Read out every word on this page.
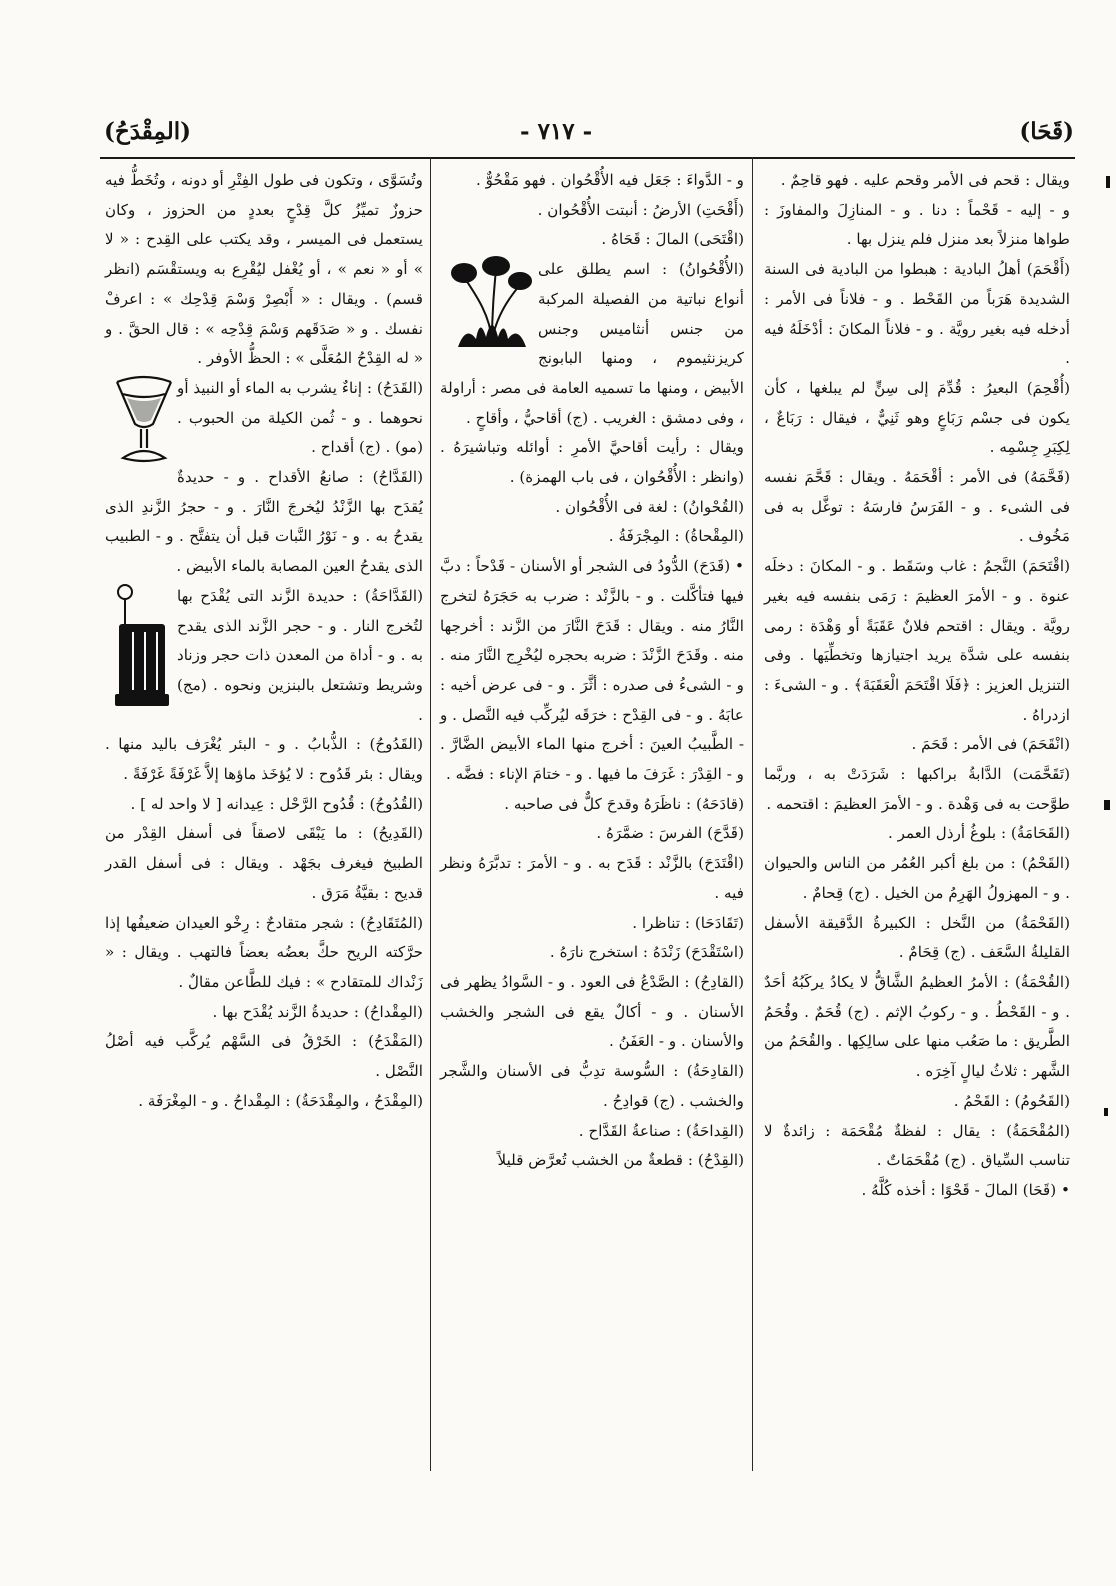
(قَحَا)
- ٧١٧ -
(المِقْدَحُ)

ويقال : قحم فى الأمر وقحم عليه . فهو قاحِمٌ .

و - إليه - قَحْماً : دنا . و - المنازِلَ والمفاوزَ : طواها منزلاً بعد منزل فلم ينزل بها .

(أَقْحَمَ) أهلُ البادية : هبطوا من البادية فى السنة الشديدة هَرَباً من القَحْط . و - فلاناً فى الأمر : أدخله فيه بغير رويَّة . و - فلاناً المكانَ : أدْخَلَهُ فيه .

(أُقْحِمَ) البعيرُ : قُدِّمَ إلى سِنٍّ لم يبلغها ، كأن يكون فى جسْم رَبَاعٍ وهو ثَنِيٌّ ، فيقال : رَبَاعٌ ، لِكِبَرِ جِسْمِه .

(قَحَّمَهُ) فى الأمر : أقْحَمَهُ . ويقال : قَحَّمَ نفسه فى الشىء . و - الفَرَسُ فارسَهُ : توغَّل به فى مَخُوف .

(اقْتَحَمَ) النَّجمُ : غاب وسَقَط . و - المكانَ : دخلَه عنوة . و - الأمرَ العظيمَ : رَمَى بنفسه فيه بغير رويَّة . ويقال : اقتحم فلانٌ عَقَبَةً أو وَهْدَة : رمى بنفسه على شدَّة يريد اجتيازها وتخطِّيَها . وفى التنزيل العزيز : ﴿فَلَا اقْتَحَمَ الْعَقَبَةَ﴾ . و - الشىءَ : ازدراهُ .

(انْقَحَمَ) فى الأمر : قَحَمَ .

(تَقَحَّمَت) الدَّابةُ براكبها : شَرَدَتْ به ، وربَّما طوَّحت به فى وَهْدة . و - الأمرَ العظيمَ : اقتحمه .

(القَحَامَةُ) : بلوغُ أرذل العمر .

(القَحْمُ) : من بلغ أكبر العُمُر من الناس والحيوان . و - المهزولُ الهَرِمُ من الخيل . (ج) قِحامٌ .

(القَحْمَةُ) من النَّخل : الكبيرةُ الدَّقيقة الأسفل القليلةُ السَّعَف . (ج) قِحَامٌ .

(القُحْمَةُ) : الأمرُ العظيمُ الشَّاقُّ لا يكادُ يركَبُهُ أحَدٌ . و - القَحْطُ . و - ركوبُ الإثم . (ج) قُحَمٌ . وقُحَمُ الطَّريق : ما صَعُب منها على سالِكِها . والقُحَمُ من الشَّهر : ثلاثُ ليالٍ آخِرَه .

(القَحُومُ) : القَحْمُ .

(المُقْحَمَةُ) : يقال : لفظةٌ مُقْحَمَة : زائدةٌ لا تناسب السِّياق . (ج) مُقْحَمَاتٌ .

• (قَحَا) المالَ - قَحْوًا : أخذه كُلَّهُ .

و - الدَّواءَ : جَعَل فيه الأُقْحُوان . فهو مَقْحُوٌّ .

(أَقْحَتِ) الأرضُ : أنبتت الأُقْحُوان .

(اقْتَحَى) المالَ : قَحَاهُ .

(الأُقْحُوانُ) : اسم يطلق على أنواع نباتية من الفصيلة المركبة من جنس أنثاميس وجنس كريزنثيموم ، ومنها البابونج الأبيض ، ومنها ما تسميه العامة فى مصر : أراولة ، وفى دمشق : الغريب . (ج) أقاحيُّ ، وأقاحٍ .

ويقال : رأيت أقاحيَّ الأمرِ : أوائله وتباشيرَهُ . (وانظر : الأُقْحُوان ، فى باب الهمزة) .

(القُحْوانُ) : لغة فى الأُقْحُوان .

(المِقْحاةُ) : المِجْرَفَةُ .

• (قَدَحَ) الدُّودُ فى الشجر أو الأسنان - قَدْحاً : دبَّ فيها فتأكَّلت . و - بالزَّنْد : ضرب به حَجَرَهُ لتخرج النَّارُ منه . ويقال : قَدَحَ النَّارَ من الزَّند : أخرجها منه . وقَدَحَ الزَّنْدَ : ضربه بحجره ليُخْرِج النَّارَ منه . و - الشىءُ فى صدره : أثَّرَ . و - فى عرض أخيه : عابَهُ . و - فى القِدْح : خرَقَه ليُركِّب فيه النَّصل . و - الطَّبيبُ العينَ : أخرج منها الماء الأبيض الضَّارَّ . و - القِدْرَ : غَرَفَ ما فيها . و - ختامَ الإناء : فضَّه .

(قادَحَهُ) : ناظَرَهُ وقدحَ كلٌّ فى صاحبه .

(قَدَّحَ) الفرسَ : ضمَّرَهُ .

(اقْتَدَحَ) بالزَّنْد : قَدَح به . و - الأمرَ : تدبَّرَهُ ونظر فيه .

(تَقَادَحَا) : تناظرا .

(اسْتَقْدَحَ) زَنْدَهُ : استخرج نارَهُ .

(القادِحُ) : الصَّدْعُ فى العود . و - السَّوادُ يظهر فى الأسنان . و - أكالٌ يقع فى الشجر والخشب والأسنان . و - العَفَنُ .

(القادِحَةُ) : السُّوسة تدِبُّ فى الأسنان والشَّجر والخشب . (ج) قوادِحُ .

(القِداحَةُ) : صناعةُ القَدَّاح .

(القِدْحُ) : قطعةٌ من الخشب تُعرَّض قليلاً

وتُسَوَّى ، وتكون فى طول الفِتْرِ أو دونه ، وتُخَطُّ فيه حزوزٌ تميِّزُ كلَّ قِدْحٍ بعددٍ من الحزوز ، وكان يستعمل فى الميسر ، وقد يكتب على القِدح : « لا » أو « نعم » ، أو يُغْفل ليُقْرِع به ويستقْسَم (انظر قسم) . ويقال : « أَبْصِرْ وَسْمَ قِدْحِك » : اعرفْ نفسك . و « صَدَقَهم وَسْمَ قِدْحِه » : قال الحقَّ . و « له القِدْحُ المُعَلَّى » : الحظُّ الأوفر .

(القَدَحُ) : إناءٌ يشرب به الماء أو النبيذ أو نحوهما . و - ثُمن الكيلة من الحبوب . (مو) . (ج) أقداح .

(القَدَّاحُ) : صانعُ الأقداح . و - حديدةٌ يُقدَح بها الزَّنْدُ ليُخرجَ النَّارَ . و - حجرُ الزَّندِ الذى يقدحُ به . و - نَوْرُ النَّبات قبل أن يتفتَّح . و - الطبيب الذى يقدحُ العين المصابة بالماء الأبيض .

(القَدَّاحَةُ) : حديدة الزَّند التى يُقْدَح بها لتُخرج النار . و - حجر الزَّند الذى يقدح به . و - أداة من المعدن ذات حجر وزناد وشريط وتشتعل بالبنزين ونحوه . (مج) .

(القَدُوحُ) : الذُّبابُ . و - البئر يُغْرَف باليد منها . ويقال : بئر قَدُوح : لا يُؤخَذ ماؤها إلاَّ غَرْفَةً غَرْفَةً .

(القُدُوحُ) : قُدُوح الرَّحْل : عِيدانه [ لا واحد له ] .

(القَدِيحُ) : ما يَبْقَى لاصقاً فى أسفل القِدْر من الطبيخ فيغرف بجَهْد . ويقال : فى أسفل القدر قديح : بقيَّةُ مَرَق .

(المُتَقَادِحُ) : شجر متقادحٌ : رِخْو العيدان ضعيفُها إذا حرَّكته الريح حكَّ بعضُه بعضاً فالتهب . ويقال : « زَنْداك للمتقادح » : فيك للطَّاعن مقالٌ .

(المِقْداحُ) : حديدةُ الزَّند يُقْدَح بها .

(المَقْدَحُ) : الخَرْقُ فى السَّهْم يُركَّب فيه أصْلُ النَّصْل .

(المِقْدَحُ ، والمِقْدَحَةُ) : المِقْداحُ . و - المِغْرَفَة .
